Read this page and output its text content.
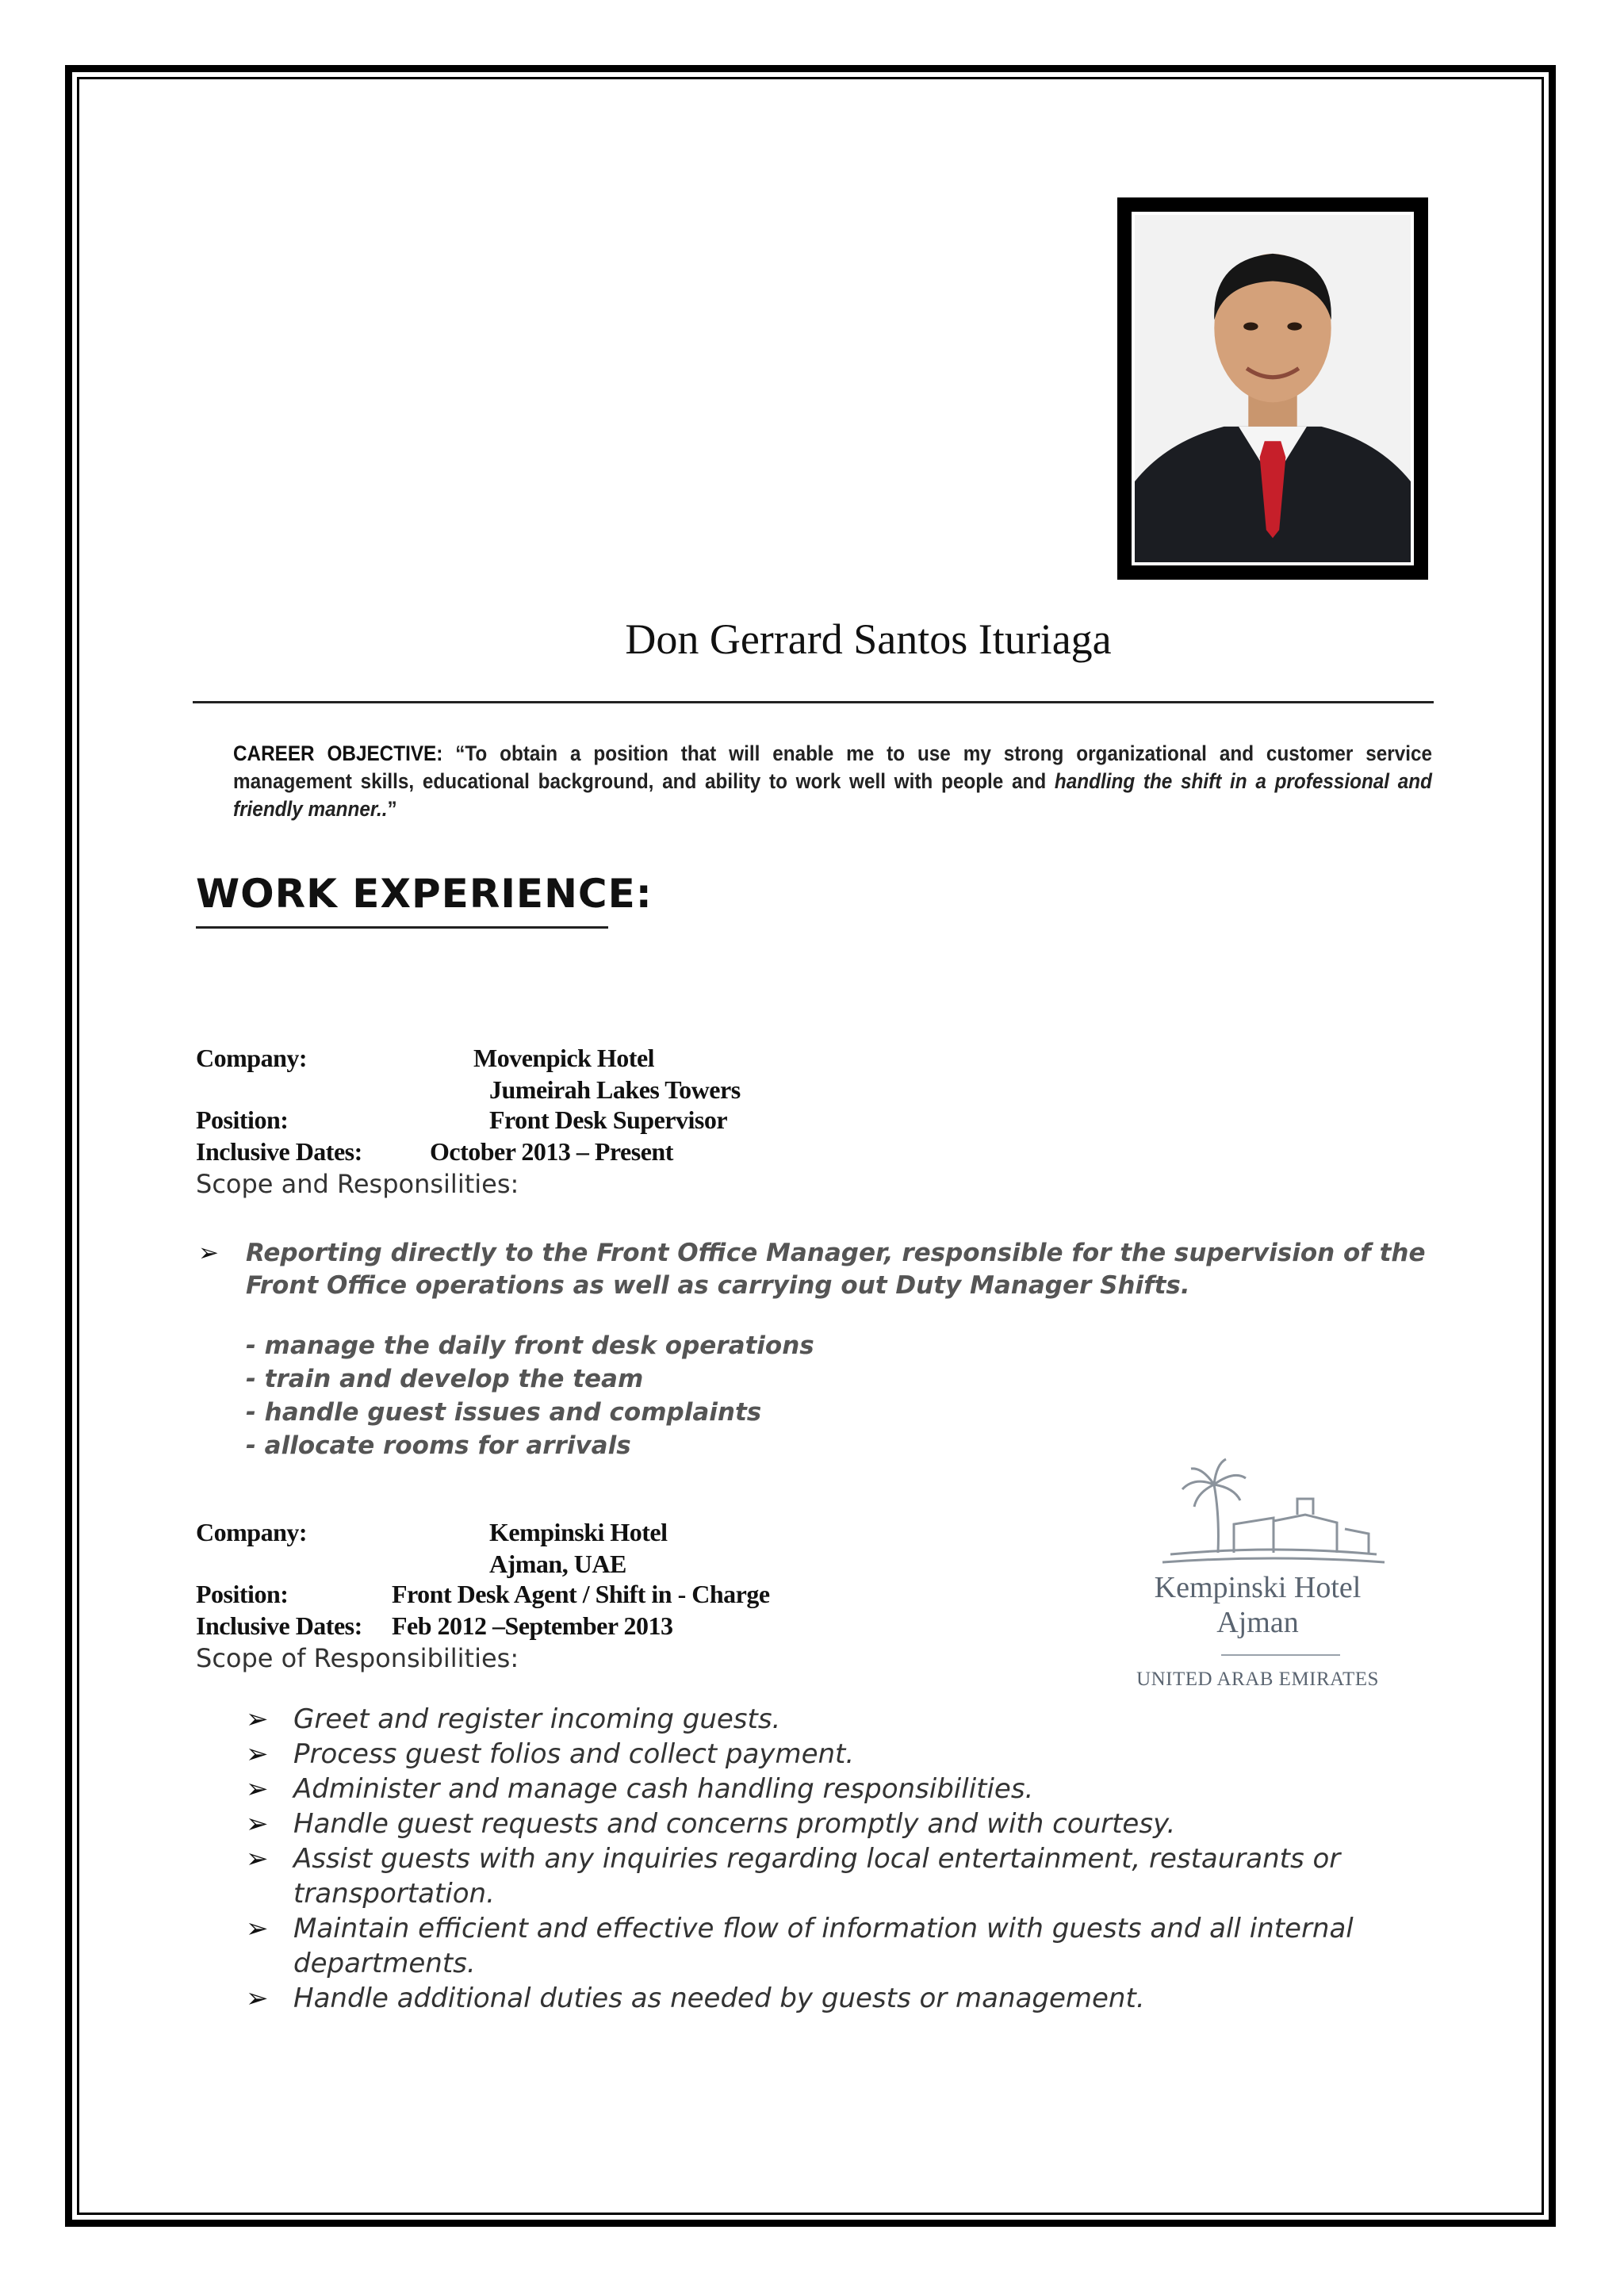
Don Gerrard Santos Ituriaga
CAREER OBJECTIVE: “To obtain a position that will enable me to use my strong organizational and customer service management skills, educational background, and ability to work well with people and handling the shift in a professional and friendly manner..”
WORK EXPERIENCE:
Company:	Movenpick Hotel
Jumeirah Lakes Towers
Position:	Front Desk Supervisor
Inclusive Dates:	October 2013 – Present
Scope and Responsilities:
➢ Reporting directly to the Front Office Manager, responsible for the supervision of the Front Office operations as well as carrying out Duty Manager Shifts.
- manage the daily front desk operations
- train and develop the team
- handle guest issues and complaints
- allocate rooms for arrivals
Kempinski Hotel
Ajman
UNITED ARAB EMIRATES
Company:	Kempinski Hotel
Ajman, UAE
Position:	Front Desk Agent / Shift in - Charge
Inclusive Dates: Feb 2012 –September 2013
Scope of Responsibilities:
➢ Greet and register incoming guests.
➢ Process guest folios and collect payment.
➢ Administer and manage cash handling responsibilities.
➢ Handle guest requests and concerns promptly and with courtesy.
➢ Assist guests with any inquiries regarding local entertainment, restaurants or transportation.
➢ Maintain efficient and effective flow of information with guests and all internal departments.
➢ Handle additional duties as needed by guests or management.
